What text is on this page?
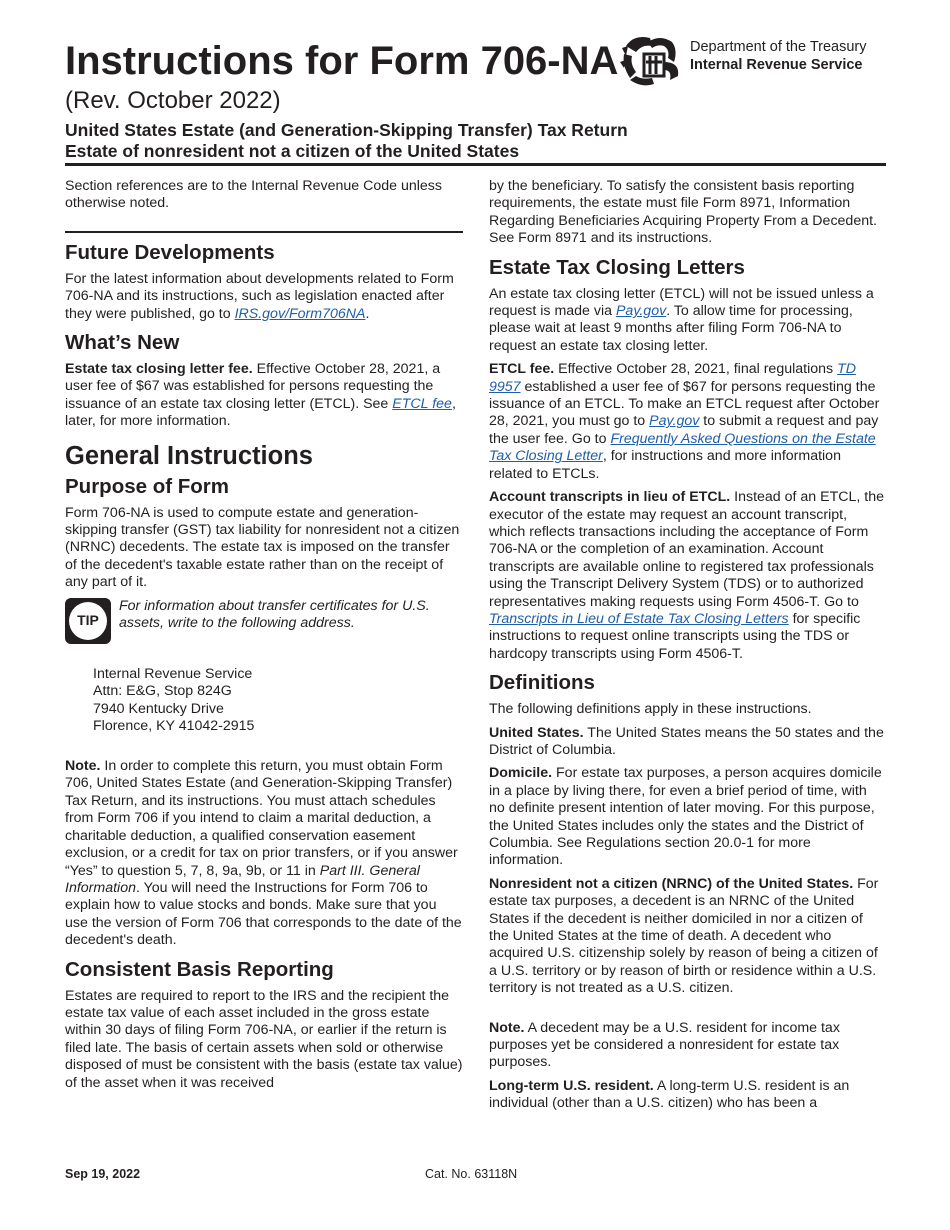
Instructions for Form 706-NA
(Rev. October 2022)
United States Estate (and Generation-Skipping Transfer) Tax Return
Estate of nonresident not a citizen of the United States
Department of the Treasury
Internal Revenue Service

Section references are to the Internal Revenue Code unless otherwise noted.

Future Developments

For the latest information about developments related to Form 706-NA and its instructions, such as legislation enacted after they were published, go to IRS.gov/Form706NA.

What’s New

Estate tax closing letter fee. Effective October 28, 2021, a user fee of $67 was established for persons requesting the issuance of an estate tax closing letter (ETCL). See ETCL fee, later, for more information.

General Instructions
Purpose of Form

Form 706-NA is used to compute estate and generation-skipping transfer (GST) tax liability for nonresident not a citizen (NRNC) decedents. The estate tax is imposed on the transfer of the decedent's taxable estate rather than on the receipt of any part of it.

TIP
For information about transfer certificates for U.S. assets, write to the following address.
Internal Revenue Service
Attn: E&G, Stop 824G
7940 Kentucky Drive
Florence, KY 41042-2915

Note. In order to complete this return, you must obtain Form 706, United States Estate (and Generation-Skipping Transfer) Tax Return, and its instructions. You must attach schedules from Form 706 if you intend to claim a marital deduction, a charitable deduction, a qualified conservation easement exclusion, or a credit for tax on prior transfers, or if you answer “Yes” to question 5, 7, 8, 9a, 9b, or 11 in Part III. General Information. You will need the Instructions for Form 706 to explain how to value stocks and bonds. Make sure that you use the version of Form 706 that corresponds to the date of the decedent's death.

Consistent Basis Reporting

Estates are required to report to the IRS and the recipient the estate tax value of each asset included in the gross estate within 30 days of filing Form 706-NA, or earlier if the return is filed late. The basis of certain assets when sold or otherwise disposed of must be consistent with the basis (estate tax value) of the asset when it was received

by the beneficiary. To satisfy the consistent basis reporting requirements, the estate must file Form 8971, Information Regarding Beneficiaries Acquiring Property From a Decedent. See Form 8971 and its instructions.

Estate Tax Closing Letters

An estate tax closing letter (ETCL) will not be issued unless a request is made via Pay.gov. To allow time for processing, please wait at least 9 months after filing Form 706-NA to request an estate tax closing letter.

ETCL fee. Effective October 28, 2021, final regulations TD 9957 established a user fee of $67 for persons requesting the issuance of an ETCL. To make an ETCL request after October 28, 2021, you must go to Pay.gov to submit a request and pay the user fee. Go to Frequently Asked Questions on the Estate Tax Closing Letter, for instructions and more information related to ETCLs.

Account transcripts in lieu of ETCL. Instead of an ETCL, the executor of the estate may request an account transcript, which reflects transactions including the acceptance of Form 706-NA or the completion of an examination. Account transcripts are available online to registered tax professionals using the Transcript Delivery System (TDS) or to authorized representatives making requests using Form 4506-T. Go to Transcripts in Lieu of Estate Tax Closing Letters for specific instructions to request online transcripts using the TDS or hardcopy transcripts using Form 4506-T.

Definitions

The following definitions apply in these instructions.

United States. The United States means the 50 states and the District of Columbia.

Domicile. For estate tax purposes, a person acquires domicile in a place by living there, for even a brief period of time, with no definite present intention of later moving. For this purpose, the United States includes only the states and the District of Columbia. See Regulations section 20.0-1 for more information.

Nonresident not a citizen (NRNC) of the United States. For estate tax purposes, a decedent is an NRNC of the United States if the decedent is neither domiciled in nor a citizen of the United States at the time of death. A decedent who acquired U.S. citizenship solely by reason of being a citizen of a U.S. territory or by reason of birth or residence within a U.S. territory is not treated as a U.S. citizen.

Note. A decedent may be a U.S. resident for income tax purposes yet be considered a nonresident for estate tax purposes.

Long-term U.S. resident. A long-term U.S. resident is an individual (other than a U.S. citizen) who has been a

Sep 19, 2022	Cat. No. 63118N
